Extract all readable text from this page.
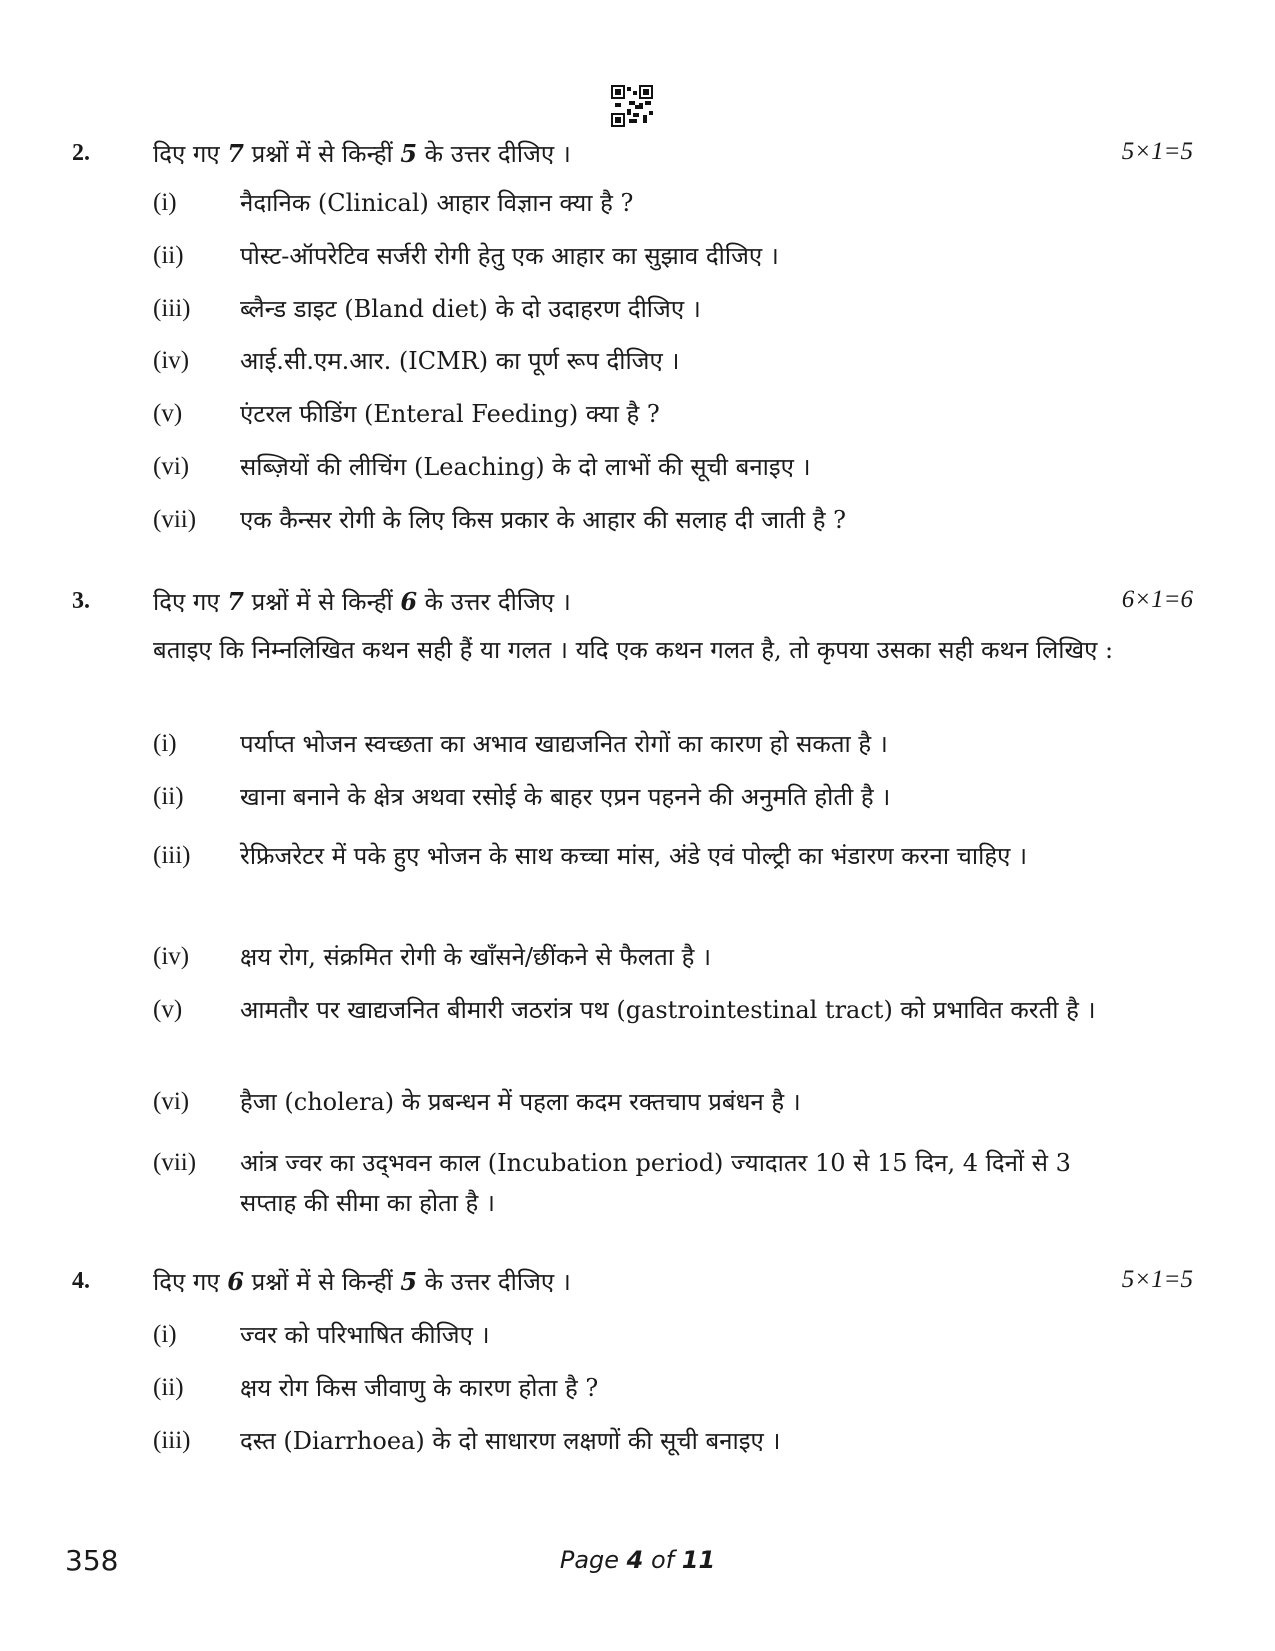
2.	दिए गए 7 प्रश्नों में से किन्हीं 5 के उत्तर दीजिए ।	5×1=5
(i)	नैदानिक (Clinical) आहार विज्ञान क्या है ?
(ii)	पोस्ट-ऑपरेटिव सर्जरी रोगी हेतु एक आहार का सुझाव दीजिए ।
(iii)	ब्लैन्ड डाइट (Bland diet) के दो उदाहरण दीजिए ।
(iv)	आई.सी.एम.आर. (ICMR) का पूर्ण रूप दीजिए ।
(v)	एंटरल फीडिंग (Enteral Feeding) क्या है ?
(vi)	सब्ज़ियों की लीचिंग (Leaching) के दो लाभों की सूची बनाइए ।
(vii)	एक कैन्सर रोगी के लिए किस प्रकार के आहार की सलाह दी जाती है ?
3.	दिए गए 7 प्रश्नों में से किन्हीं 6 के उत्तर दीजिए ।	6×1=6
बताइए कि निम्नलिखित कथन सही हैं या गलत । यदि एक कथन गलत है, तो कृपया उसका सही कथन लिखिए :
(i)	पर्याप्त भोजन स्वच्छता का अभाव खाद्यजनित रोगों का कारण हो सकता है ।
(ii)	खाना बनाने के क्षेत्र अथवा रसोई के बाहर एप्रन पहनने की अनुमति होती है ।
(iii)	रेफ्रिजरेटर में पके हुए भोजन के साथ कच्चा मांस, अंडे एवं पोल्ट्री का भंडारण करना चाहिए ।
(iv)	क्षय रोग, संक्रमित रोगी के खाँसने/छींकने से फैलता है ।
(v)	आमतौर पर खाद्यजनित बीमारी जठरांत्र पथ (gastrointestinal tract) को प्रभावित करती है ।
(vi)	हैजा (cholera) के प्रबन्धन में पहला कदम रक्तचाप प्रबंधन है ।
(vii)	आंत्र ज्वर का उद्‌भवन काल (Incubation period) ज्यादातर 10 से 15 दिन, 4 दिनों से 3 सप्ताह की सीमा का होता है ।
4.	दिए गए 6 प्रश्नों में से किन्हीं 5 के उत्तर दीजिए ।	5×1=5
(i)	ज्वर को परिभाषित कीजिए ।
(ii)	क्षय रोग किस जीवाणु के कारण होता है ?
(iii)	दस्त (Diarrhoea) के दो साधारण लक्षणों की सूची बनाइए ।
358	Page 4 of 11
